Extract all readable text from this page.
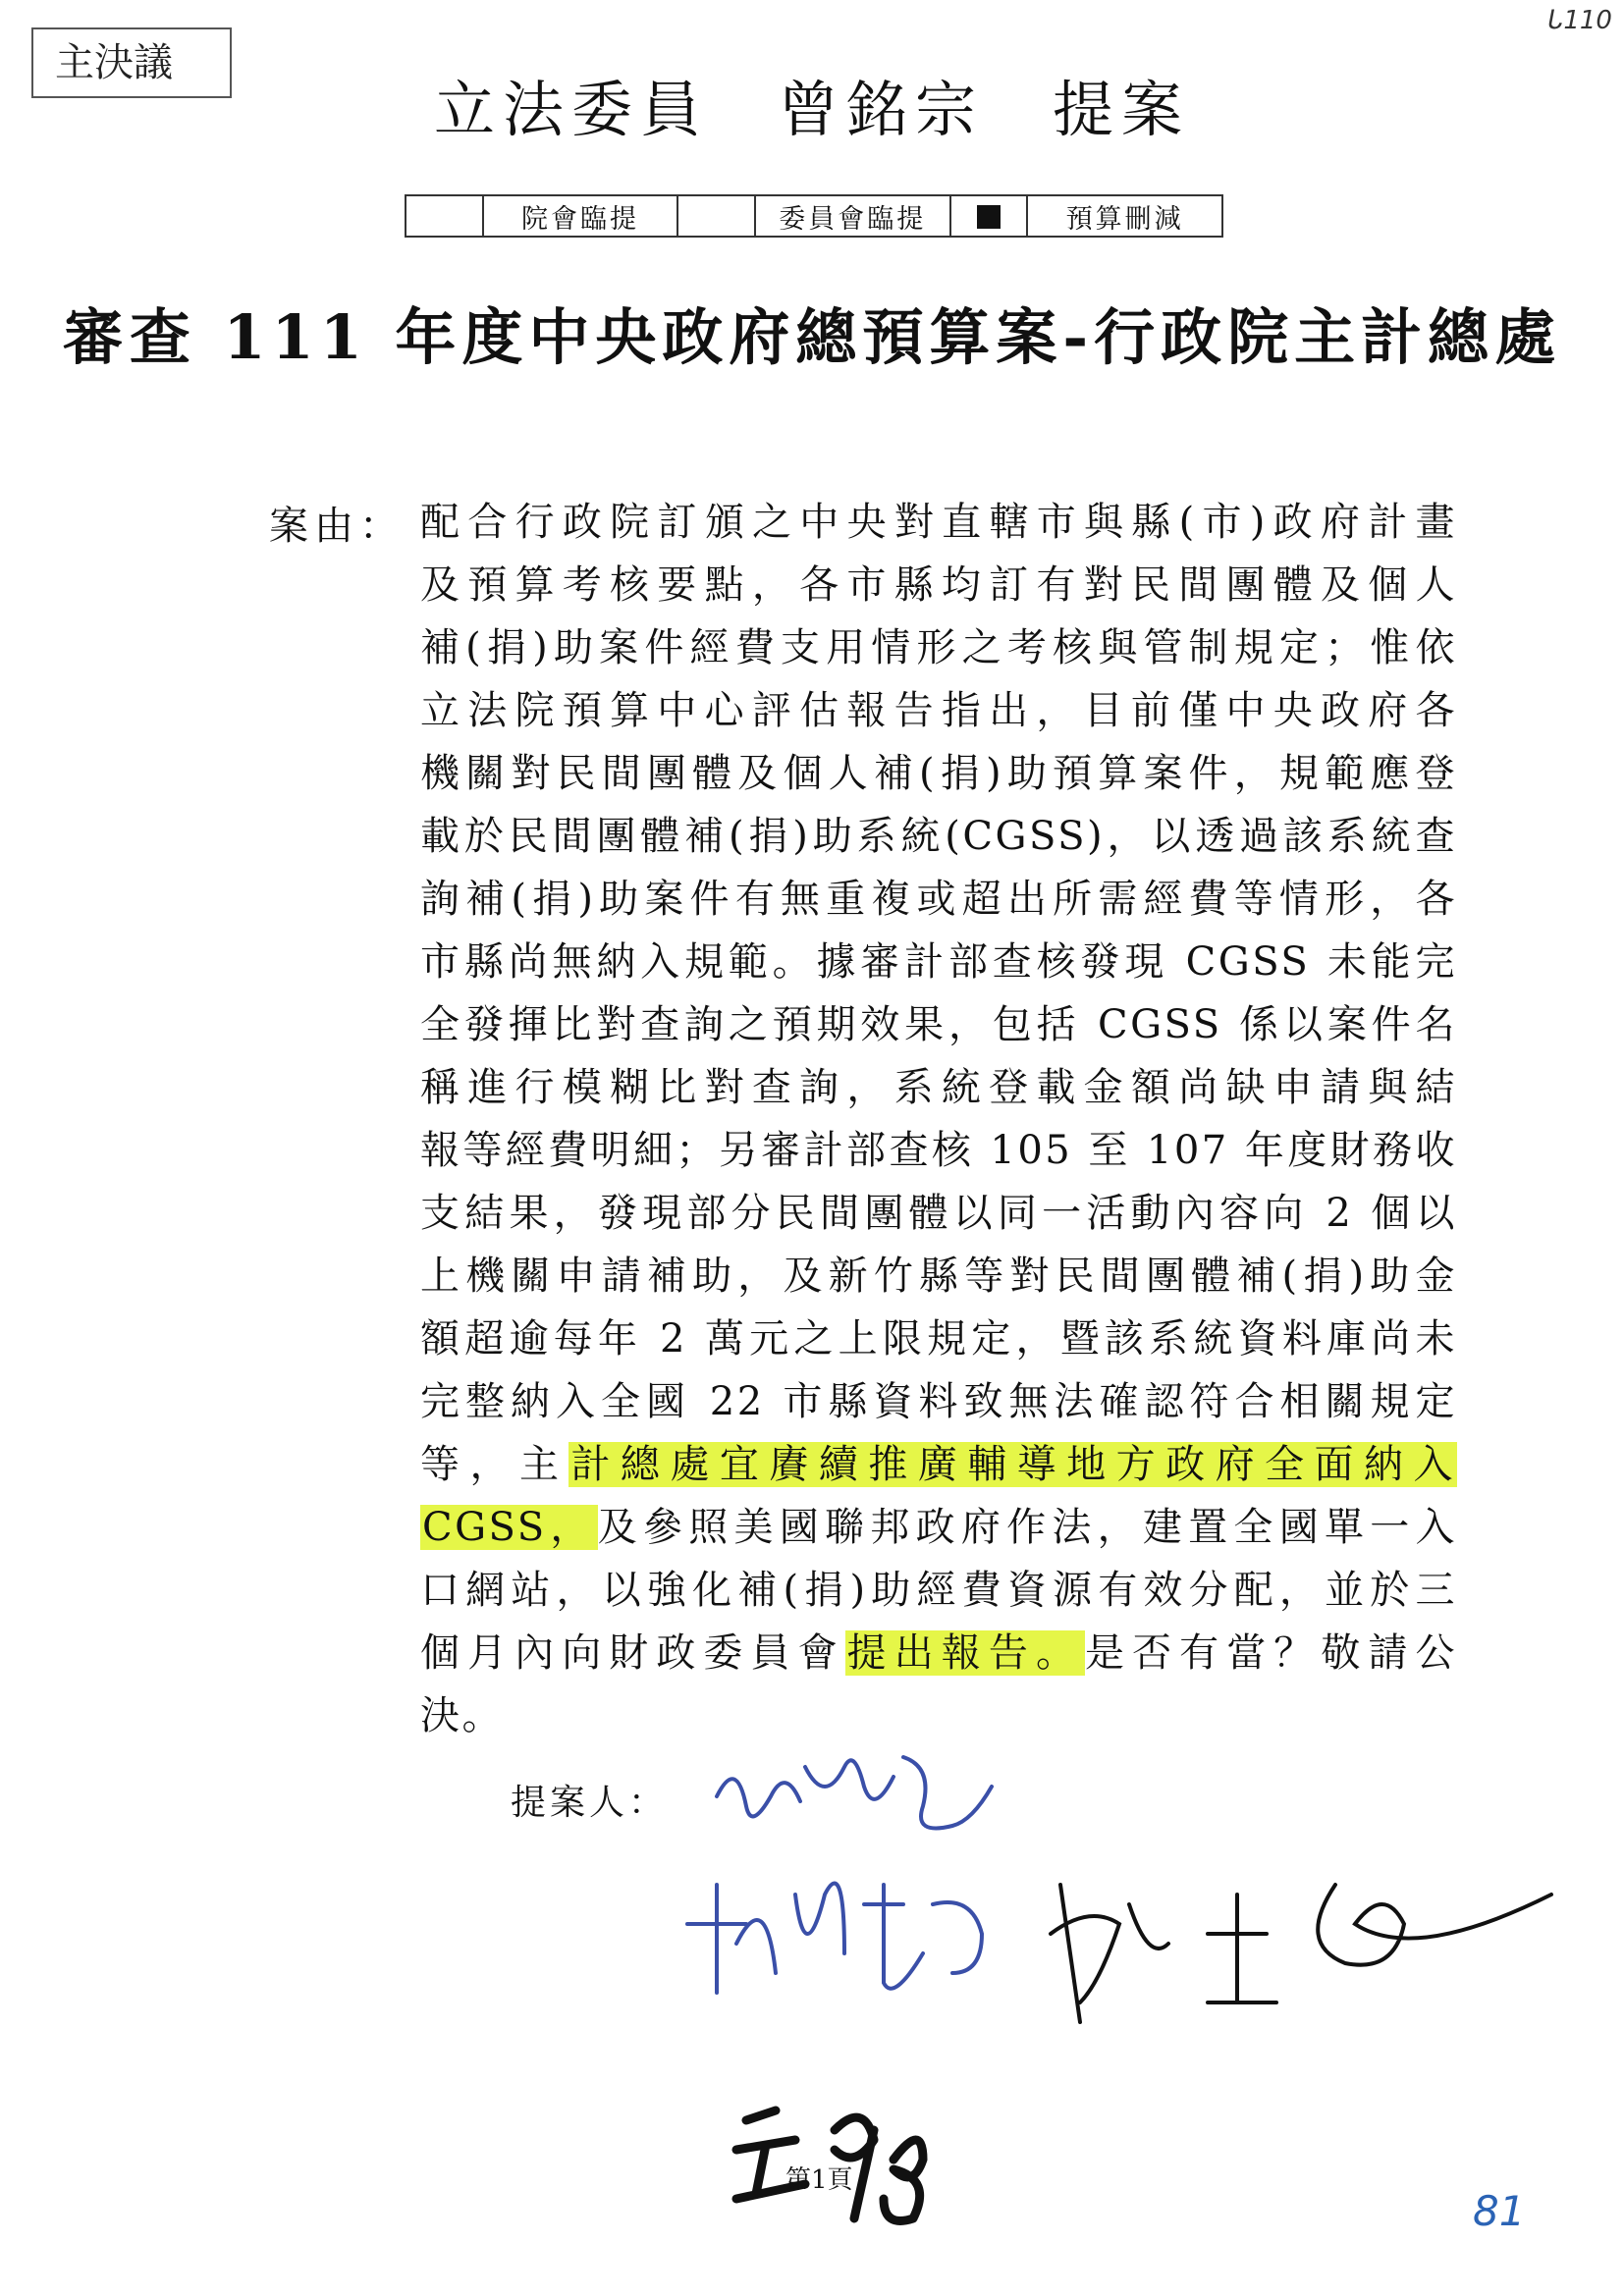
主決議
ᒐ110
立法委員　曾銘宗　提案
	院會臨提		委員會臨提		預算刪減
審查 111 年度中央政府總預算案-行政院主計總處
案由： 配合行政院訂頒之中央對直轄市與縣(市)政府計畫
及預算考核要點，各市縣均訂有對民間團體及個人
補(捐)助案件經費支用情形之考核與管制規定；惟依
立法院預算中心評估報告指出，目前僅中央政府各
機關對民間團體及個人補(捐)助預算案件，規範應登
載於民間團體補(捐)助系統(CGSS)，以透過該系統查
詢補(捐)助案件有無重複或超出所需經費等情形，各
市縣尚無納入規範。據審計部查核發現 CGSS 未能完
全發揮比對查詢之預期效果，包括 CGSS 係以案件名
稱進行模糊比對查詢，系統登載金額尚缺申請與結
報等經費明細；另審計部查核 105 至 107 年度財務收
支結果，發現部分民間團體以同一活動內容向 2 個以
上機關申請補助，及新竹縣等對民間團體補(捐)助金
額超逾每年 2 萬元之上限規定，暨該系統資料庫尚未
完整納入全國 22 市縣資料致無法確認符合相關規定
等，主計總處宜賡續推廣輔導地方政府全面納入
CGSS，及參照美國聯邦政府作法，建置全國單一入
口網站，以強化補(捐)助經費資源有效分配，並於三
個月內向財政委員會提出報告。是否有當？敬請公
決。
提案人：
第1頁
81
